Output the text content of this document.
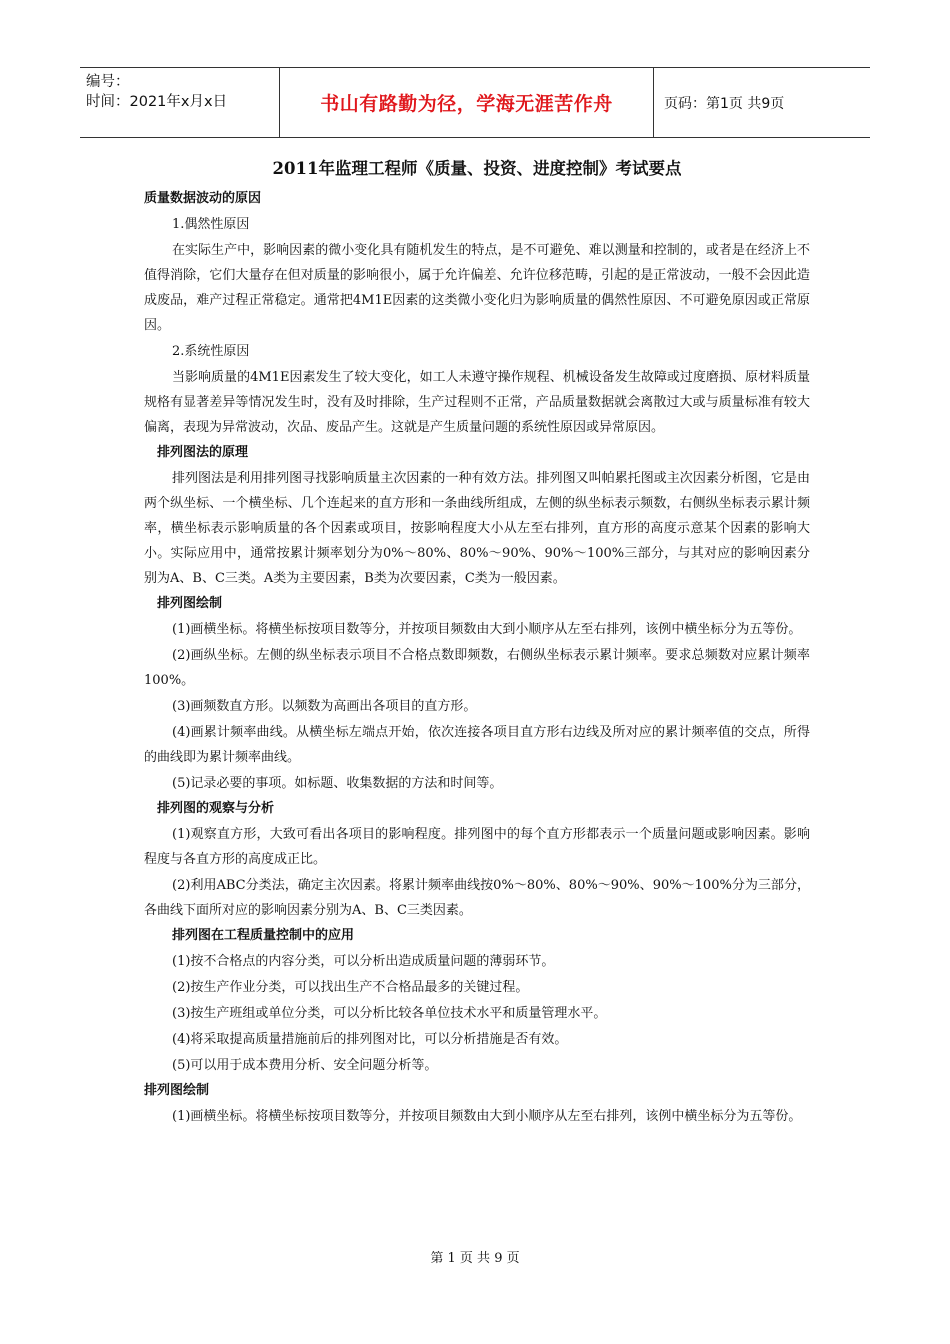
编号：
时间：2021年x月x日	书山有路勤为径，学海无涯苦作舟	页码：第1页 共9页
2011年监理工程师《质量、投资、进度控制》考试要点
质量数据波动的原因
1.偶然性原因
在实际生产中，影响因素的微小变化具有随机发生的特点，是不可避免、难以测量和控制的，或者是在经济上不值得消除，它们大量存在但对质量的影响很小，属于允许偏差、允许位移范畴，引起的是正常波动，一般不会因此造成废品，难产过程正常稳定。通常把4M1E因素的这类微小变化归为影响质量的偶然性原因、不可避免原因或正常原因。
2.系统性原因
当影响质量的4M1E因素发生了较大变化，如工人未遵守操作规程、机械设备发生故障或过度磨损、原材料质量规格有显著差异等情况发生时，没有及时排除，生产过程则不正常，产品质量数据就会离散过大或与质量标准有较大偏离，表现为异常波动，次品、废品产生。这就是产生质量问题的系统性原因或异常原因。
排列图法的原理
排列图法是利用排列图寻找影响质量主次因素的一种有效方法。排列图又叫帕累托图或主次因素分析图，它是由两个纵坐标、一个横坐标、几个连起来的直方形和一条曲线所组成，左侧的纵坐标表示频数，右侧纵坐标表示累计频率，横坐标表示影响质量的各个因素或项目，按影响程度大小从左至右排列，直方形的高度示意某个因素的影响大小。实际应用中，通常按累计频率划分为0%～80%、80%～90%、90%～100%三部分，与其对应的影响因素分别为A、B、C三类。A类为主要因素，B类为次要因素，C类为一般因素。
排列图绘制
(1)画横坐标。将横坐标按项目数等分，并按项目频数由大到小顺序从左至右排列，该例中横坐标分为五等份。
(2)画纵坐标。左侧的纵坐标表示项目不合格点数即频数，右侧纵坐标表示累计频率。要求总频数对应累计频率100%。
(3)画频数直方形。以频数为高画出各项目的直方形。
(4)画累计频率曲线。从横坐标左端点开始，依次连接各项目直方形右边线及所对应的累计频率值的交点，所得的曲线即为累计频率曲线。
(5)记录必要的事项。如标题、收集数据的方法和时间等。
排列图的观察与分析
(1)观察直方形，大致可看出各项目的影响程度。排列图中的每个直方形都表示一个质量问题或影响因素。影响程度与各直方形的高度成正比。
(2)利用ABC分类法，确定主次因素。将累计频率曲线按0%～80%、80%～90%、90%～100%分为三部分，各曲线下面所对应的影响因素分别为A、B、C三类因素。
排列图在工程质量控制中的应用
(1)按不合格点的内容分类，可以分析出造成质量问题的薄弱环节。
(2)按生产作业分类，可以找出生产不合格品最多的关键过程。
(3)按生产班组或单位分类，可以分析比较各单位技术水平和质量管理水平。
(4)将采取提高质量措施前后的排列图对比，可以分析措施是否有效。
(5)可以用于成本费用分析、安全问题分析等。
排列图绘制
(1)画横坐标。将横坐标按项目数等分，并按项目频数由大到小顺序从左至右排列，该例中横坐标分为五等份。
第 1 页 共 9 页
